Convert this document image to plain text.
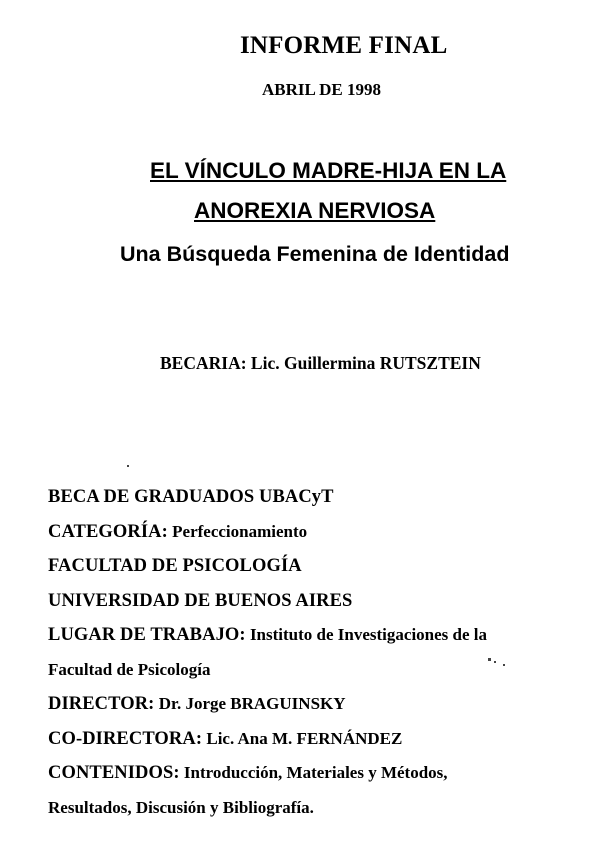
INFORME FINAL
ABRIL DE 1998
EL VÍNCULO MADRE-HIJA EN LA
ANOREXIA NERVIOSA
Una Búsqueda Femenina de Identidad
BECARIA: Lic. Guillermina RUTSZTEIN
BECA DE GRADUADOS UBACyT
CATEGORÍA: Perfeccionamiento
FACULTAD DE PSICOLOGÍA
UNIVERSIDAD DE BUENOS AIRES
LUGAR DE TRABAJO: Instituto de Investigaciones de la
Facultad de Psicología
DIRECTOR: Dr. Jorge BRAGUINSKY
CO-DIRECTORA: Lic. Ana M. FERNÁNDEZ
CONTENIDOS: Introducción, Materiales y Métodos,
Resultados, Discusión y Bibliografía.
